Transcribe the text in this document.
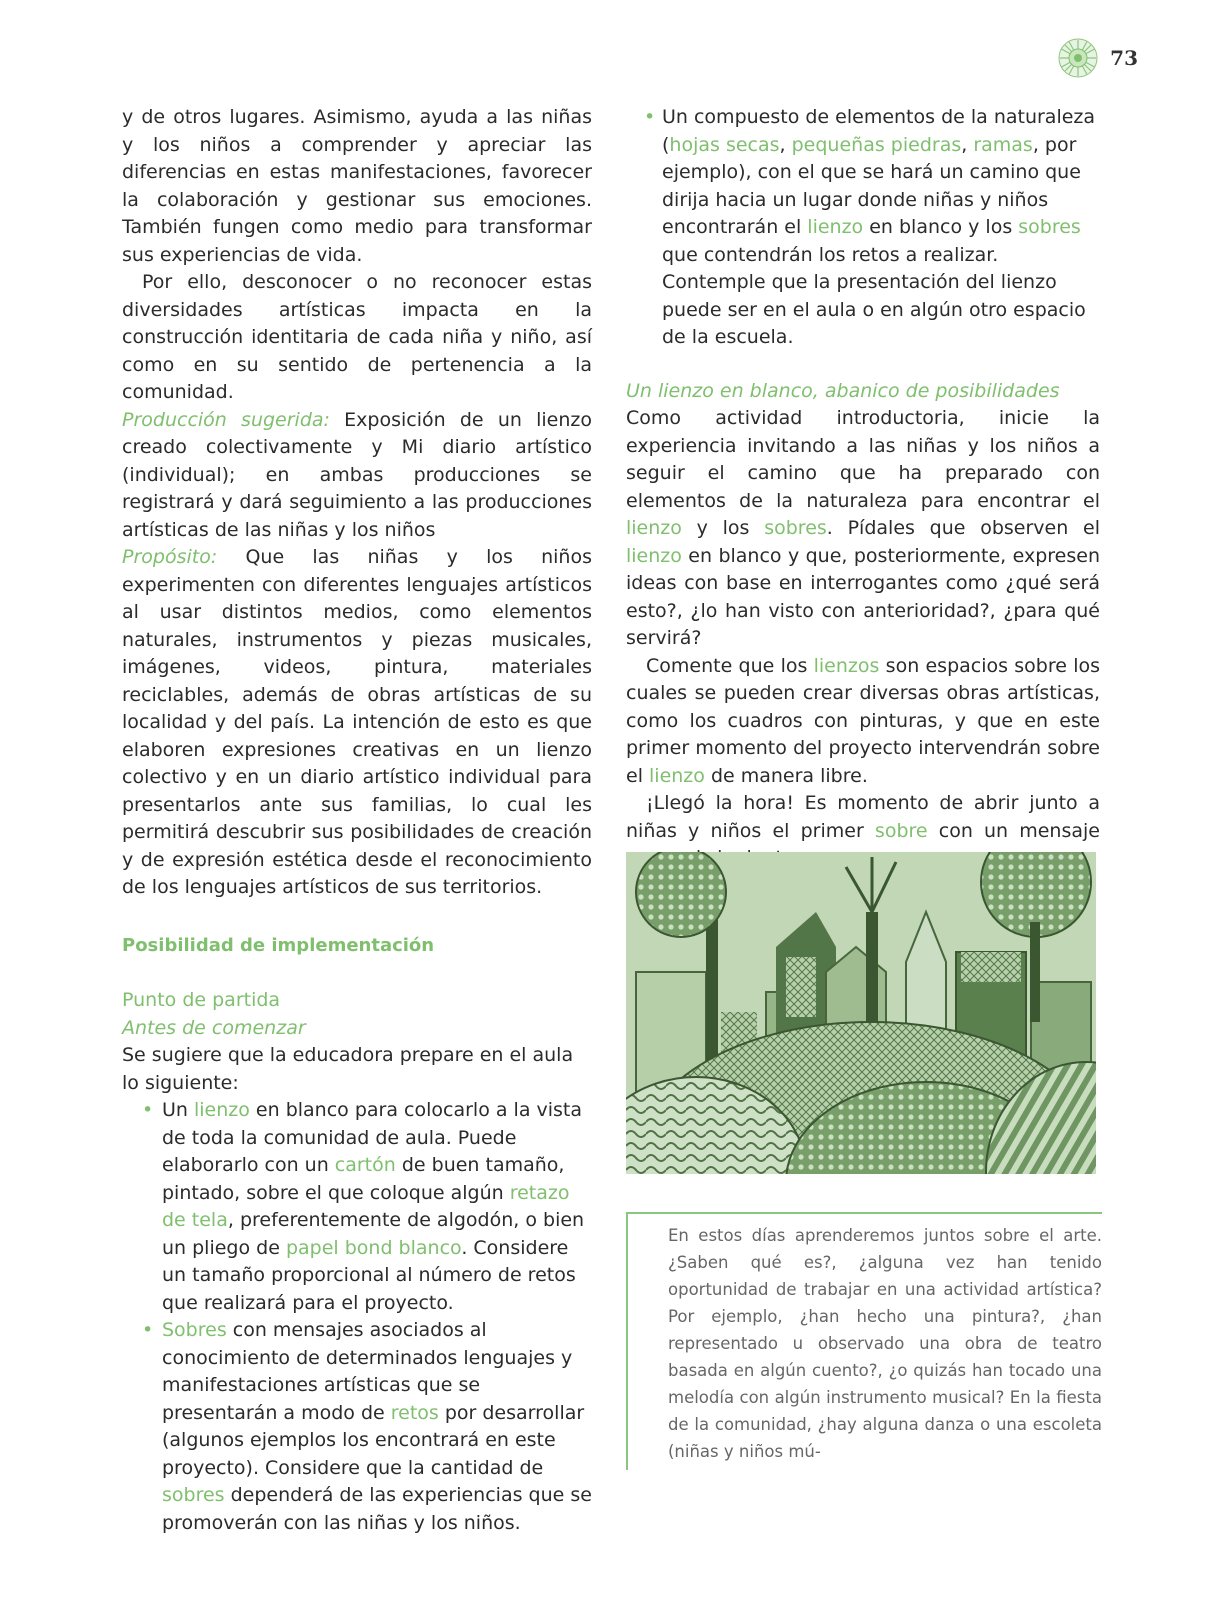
73

y de otros lugares. Asimismo, ayuda a las niñas y los niños a comprender y apreciar las diferencias en estas manifestaciones, favorecer la colaboración y gestionar sus emociones. También fungen como medio para transformar sus experiencias de vida.

Por ello, desconocer o no reconocer estas diversidades artísticas impacta en la construcción identitaria de cada niña y niño, así como en su sentido de pertenencia a la comunidad.

Producción sugerida: Exposición de un lienzo creado colectivamente y Mi diario artístico (individual); en ambas producciones se registrará y dará seguimiento a las producciones artísticas de las niñas y los niños

Propósito: Que las niñas y los niños experimenten con diferentes lenguajes artísticos al usar distintos medios, como elementos naturales, instrumentos y piezas musicales, imágenes, videos, pintura, materiales reciclables, además de obras artísticas de su localidad y del país. La intención de esto es que elaboren expresiones creativas en un lienzo colectivo y en un diario artístico individual para presentarlos ante sus familias, lo cual les permitirá descubrir sus posibilidades de creación y de expresión estética desde el reconocimiento de los lenguajes artísticos de sus territorios.

Posibilidad de implementación

Punto de partida

Antes de comenzar

Se sugiere que la educadora prepare en el aula lo siguiente:

• Un lienzo en blanco para colocarlo a la vista de toda la comunidad de aula. Puede elaborarlo con un cartón de buen tamaño, pintado, sobre el que coloque algún retazo de tela, preferentemente de algodón, o bien un pliego de papel bond blanco. Considere un tamaño proporcional al número de retos que realizará para el proyecto.
• Sobres con mensajes asociados al conocimiento de determinados lenguajes y manifestaciones artísticas que se presentarán a modo de retos por desarrollar (algunos ejemplos los encontrará en este proyecto). Considere que la cantidad de sobres dependerá de las experiencias que se promoverán con las niñas y los niños.
• Un compuesto de elementos de la naturaleza (hojas secas, pequeñas piedras, ramas, por ejemplo), con el que se hará un camino que dirija hacia un lugar donde niñas y niños encontrarán el lienzo en blanco y los sobres que contendrán los retos a realizar. Contemple que la presentación del lienzo puede ser en el aula o en algún otro espacio de la escuela.

Un lienzo en blanco, abanico de posibilidades

Como actividad introductoria, inicie la experiencia invitando a las niñas y los niños a seguir el camino que ha preparado con elementos de la naturaleza para encontrar el lienzo y los sobres. Pídales que observen el lienzo en blanco y que, posteriormente, expresen ideas con base en interrogantes como ¿qué será esto?, ¿lo han visto con anterioridad?, ¿para qué servirá?

Comente que los lienzos son espacios sobre los cuales se pueden crear diversas obras artísticas, como los cuadros con pinturas, y que en este primer momento del proyecto intervendrán sobre el lienzo de manera libre.

¡Llegó la hora! Es momento de abrir junto a niñas y niños el primer sobre con un mensaje

En estos días aprenderemos juntos sobre el arte. ¿Saben qué es?, ¿alguna vez han tenido oportunidad de trabajar en una actividad artística? Por ejemplo, ¿han hecho una pintura?, ¿han representado u observado una obra de teatro basada en algún cuento?, ¿o quizás han tocado una melodía con algún instrumento musical? En la fiesta de la comunidad, ¿hay alguna danza o una escoleta (niñas y niños mú-
